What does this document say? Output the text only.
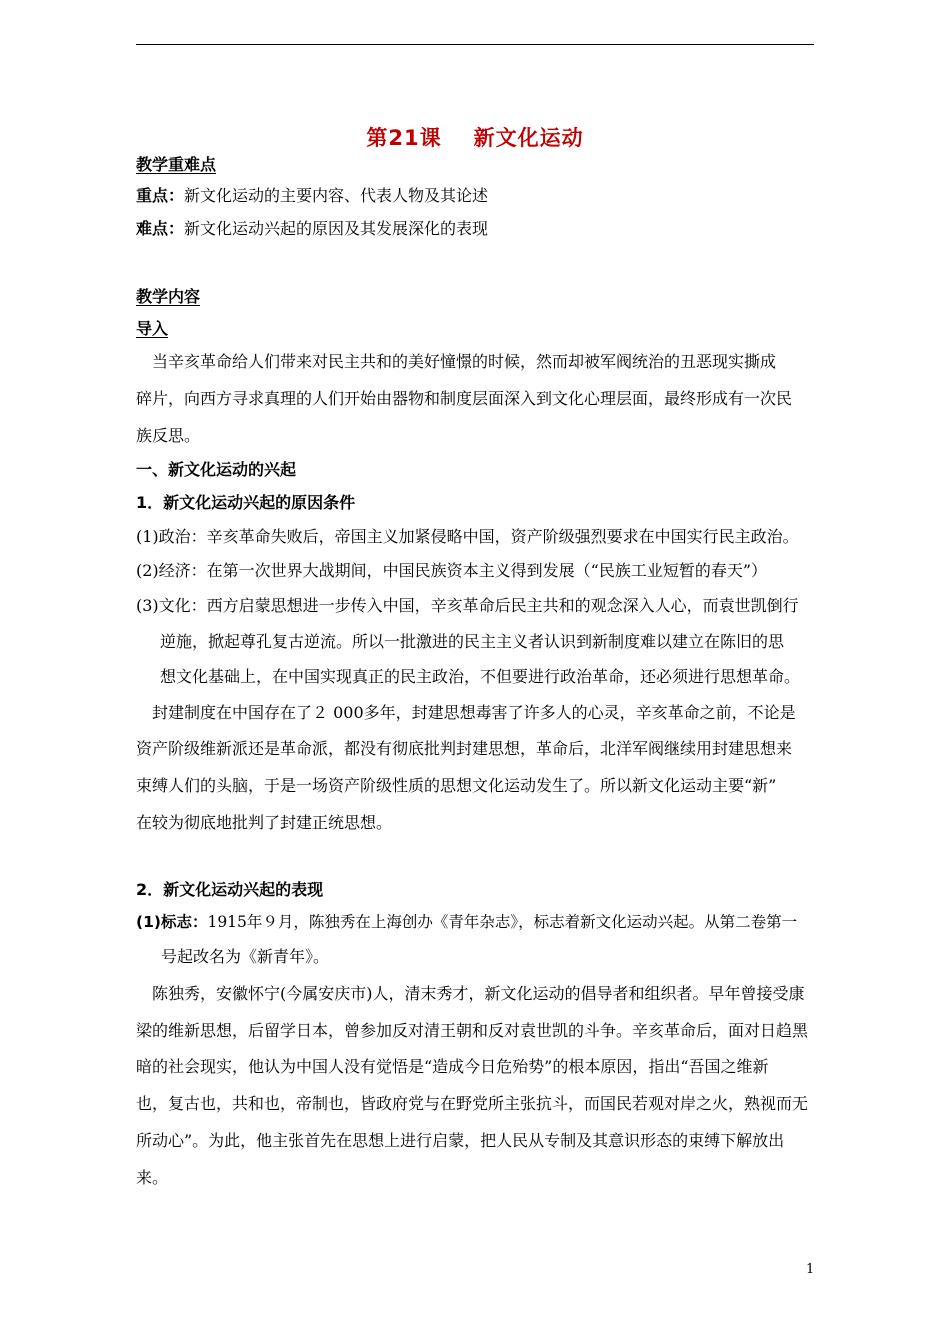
第21课 新文化运动
教学重难点
重点：新文化运动的主要内容、代表人物及其论述
难点：新文化运动兴起的原因及其发展深化的表现
教学内容
导入
当辛亥革命给人们带来对民主共和的美好憧憬的时候，然而却被军阀统治的丑恶现实撕成
碎片，向西方寻求真理的人们开始由器物和制度层面深入到文化心理层面，最终形成有一次民
族反思。
一、新文化运动的兴起
1．新文化运动兴起的原因条件
(1)政治：辛亥革命失败后，帝国主义加紧侵略中国，资产阶级强烈要求在中国实行民主政治。
(2)经济：在第一次世界大战期间，中国民族资本主义得到发展（“民族工业短暂的春天”）
(3)文化：西方启蒙思想进一步传入中国，辛亥革命后民主共和的观念深入人心，而袁世凯倒行
逆施，掀起尊孔复古逆流。所以一批激进的民主主义者认识到新制度难以建立在陈旧的思
想文化基础上，在中国实现真正的民主政治，不但要进行政治革命，还必须进行思想革命。
封建制度在中国存在了２ 000多年，封建思想毒害了许多人的心灵，辛亥革命之前，不论是
资产阶级维新派还是革命派，都没有彻底批判封建思想，革命后，北洋军阀继续用封建思想来
束缚人们的头脑，于是一场资产阶级性质的思想文化运动发生了。所以新文化运动主要“新”
在较为彻底地批判了封建正统思想。
2．新文化运动兴起的表现
(1)标志：1915年９月，陈独秀在上海创办《青年杂志》，标志着新文化运动兴起。从第二卷第一
号起改名为《新青年》。
陈独秀，安徽怀宁(今属安庆市)人，清末秀才，新文化运动的倡导者和组织者。早年曾接受康
梁的维新思想，后留学日本，曾参加反对清王朝和反对袁世凯的斗争。辛亥革命后，面对日趋黑
暗的社会现实，他认为中国人没有觉悟是“造成今日危殆势”的根本原因，指出“吾国之维新
也，复古也，共和也，帝制也，皆政府党与在野党所主张抗斗，而国民若观对岸之火，熟视而无
所动心”。为此，他主张首先在思想上进行启蒙，把人民从专制及其意识形态的束缚下解放出
来。
1
